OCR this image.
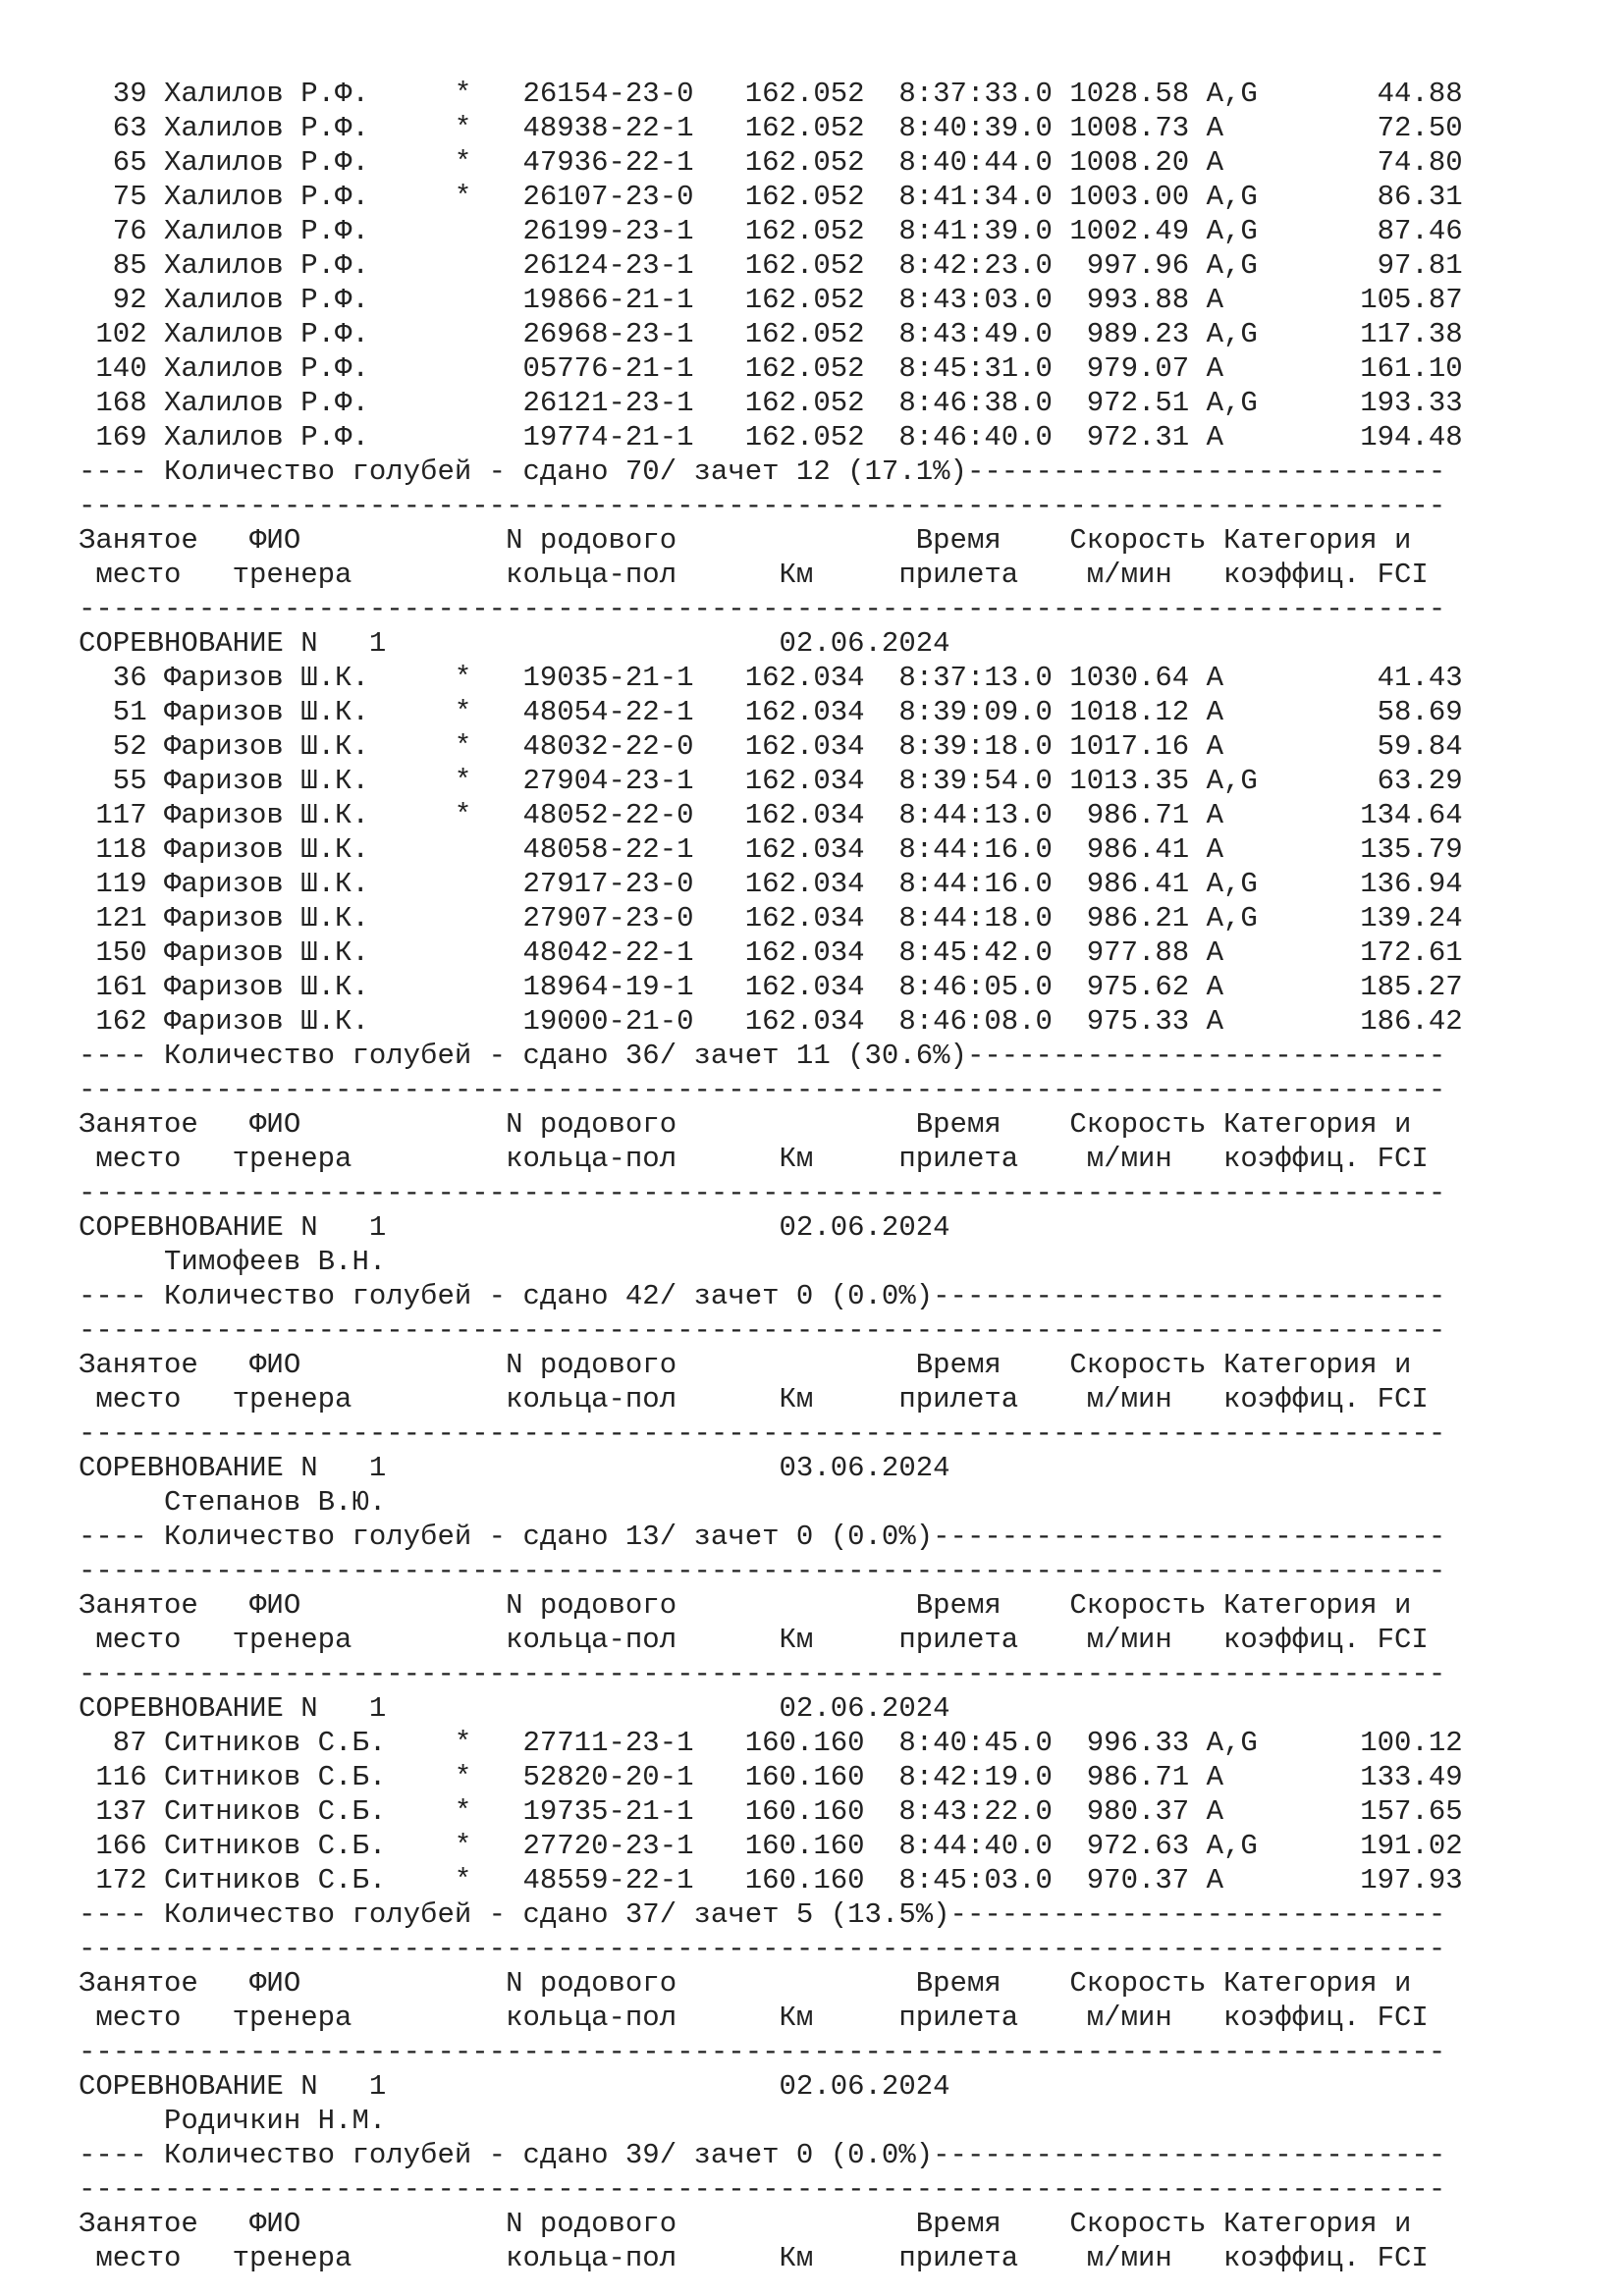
39 Халилов Р.Ф.     *   26154-23-0   162.052  8:37:33.0 1028.58 A,G       44.88
63 Халилов Р.Ф.     *   48938-22-1   162.052  8:40:39.0 1008.73 A         72.50
65 Халилов Р.Ф.     *   47936-22-1   162.052  8:40:44.0 1008.20 A         74.80
75 Халилов Р.Ф.     *   26107-23-0   162.052  8:41:34.0 1003.00 A,G       86.31
76 Халилов Р.Ф.         26199-23-1   162.052  8:41:39.0 1002.49 A,G       87.46
85 Халилов Р.Ф.         26124-23-1   162.052  8:42:23.0  997.96 A,G       97.81
92 Халилов Р.Ф.         19866-21-1   162.052  8:43:03.0  993.88 A        105.87
102 Халилов Р.Ф.         26968-23-1   162.052  8:43:49.0  989.23 A,G      117.38
140 Халилов Р.Ф.         05776-21-1   162.052  8:45:31.0  979.07 A        161.10
168 Халилов Р.Ф.         26121-23-1   162.052  8:46:38.0  972.51 A,G      193.33
169 Халилов Р.Ф.         19774-21-1   162.052  8:46:40.0  972.31 A        194.48
---- Количество голубей - сдано 70/ зачет 12 (17.1%)----------------------------
--------------------------------------------------------------------------------
Занятое   ФИО            N родового              Время    Скорость Категория и
место   тренера         кольца-пол      Км     прилета    м/мин   коэффиц. FCI
--------------------------------------------------------------------------------
СОРЕВНОВАНИЕ N   1                       02.06.2024
36 Фаризов Ш.К.     *   19035-21-1   162.034  8:37:13.0 1030.64 A         41.43
51 Фаризов Ш.К.     *   48054-22-1   162.034  8:39:09.0 1018.12 A         58.69
52 Фаризов Ш.К.     *   48032-22-0   162.034  8:39:18.0 1017.16 A         59.84
55 Фаризов Ш.К.     *   27904-23-1   162.034  8:39:54.0 1013.35 A,G       63.29
117 Фаризов Ш.К.     *   48052-22-0   162.034  8:44:13.0  986.71 A        134.64
118 Фаризов Ш.К.         48058-22-1   162.034  8:44:16.0  986.41 A        135.79
119 Фаризов Ш.К.         27917-23-0   162.034  8:44:16.0  986.41 A,G      136.94
121 Фаризов Ш.К.         27907-23-0   162.034  8:44:18.0  986.21 A,G      139.24
150 Фаризов Ш.К.         48042-22-1   162.034  8:45:42.0  977.88 A        172.61
161 Фаризов Ш.К.         18964-19-1   162.034  8:46:05.0  975.62 A        185.27
162 Фаризов Ш.К.         19000-21-0   162.034  8:46:08.0  975.33 A        186.42
---- Количество голубей - сдано 36/ зачет 11 (30.6%)----------------------------
--------------------------------------------------------------------------------
Занятое   ФИО            N родового              Время    Скорость Категория и
место   тренера         кольца-пол      Км     прилета    м/мин   коэффиц. FCI
--------------------------------------------------------------------------------
СОРЕВНОВАНИЕ N   1                       02.06.2024
Тимофеев В.Н.
---- Количество голубей - сдано 42/ зачет 0 (0.0%)------------------------------
--------------------------------------------------------------------------------
Занятое   ФИО            N родового              Время    Скорость Категория и
место   тренера         кольца-пол      Км     прилета    м/мин   коэффиц. FCI
--------------------------------------------------------------------------------
СОРЕВНОВАНИЕ N   1                       03.06.2024
Степанов В.Ю.
---- Количество голубей - сдано 13/ зачет 0 (0.0%)------------------------------
--------------------------------------------------------------------------------
Занятое   ФИО            N родового              Время    Скорость Категория и
место   тренера         кольца-пол      Км     прилета    м/мин   коэффиц. FCI
--------------------------------------------------------------------------------
СОРЕВНОВАНИЕ N   1                       02.06.2024
87 Ситников С.Б.    *   27711-23-1   160.160  8:40:45.0  996.33 A,G      100.12
116 Ситников С.Б.    *   52820-20-1   160.160  8:42:19.0  986.71 A        133.49
137 Ситников С.Б.    *   19735-21-1   160.160  8:43:22.0  980.37 A        157.65
166 Ситников С.Б.    *   27720-23-1   160.160  8:44:40.0  972.63 A,G      191.02
172 Ситников С.Б.    *   48559-22-1   160.160  8:45:03.0  970.37 A        197.93
---- Количество голубей - сдано 37/ зачет 5 (13.5%)-----------------------------
--------------------------------------------------------------------------------
Занятое   ФИО            N родового              Время    Скорость Категория и
место   тренера         кольца-пол      Км     прилета    м/мин   коэффиц. FCI
--------------------------------------------------------------------------------
СОРЕВНОВАНИЕ N   1                       02.06.2024
Родичкин Н.М.
---- Количество голубей - сдано 39/ зачет 0 (0.0%)------------------------------
--------------------------------------------------------------------------------
Занятое   ФИО            N родового              Время    Скорость Категория и
место   тренера         кольца-пол      Км     прилета    м/мин   коэффиц. FCI
